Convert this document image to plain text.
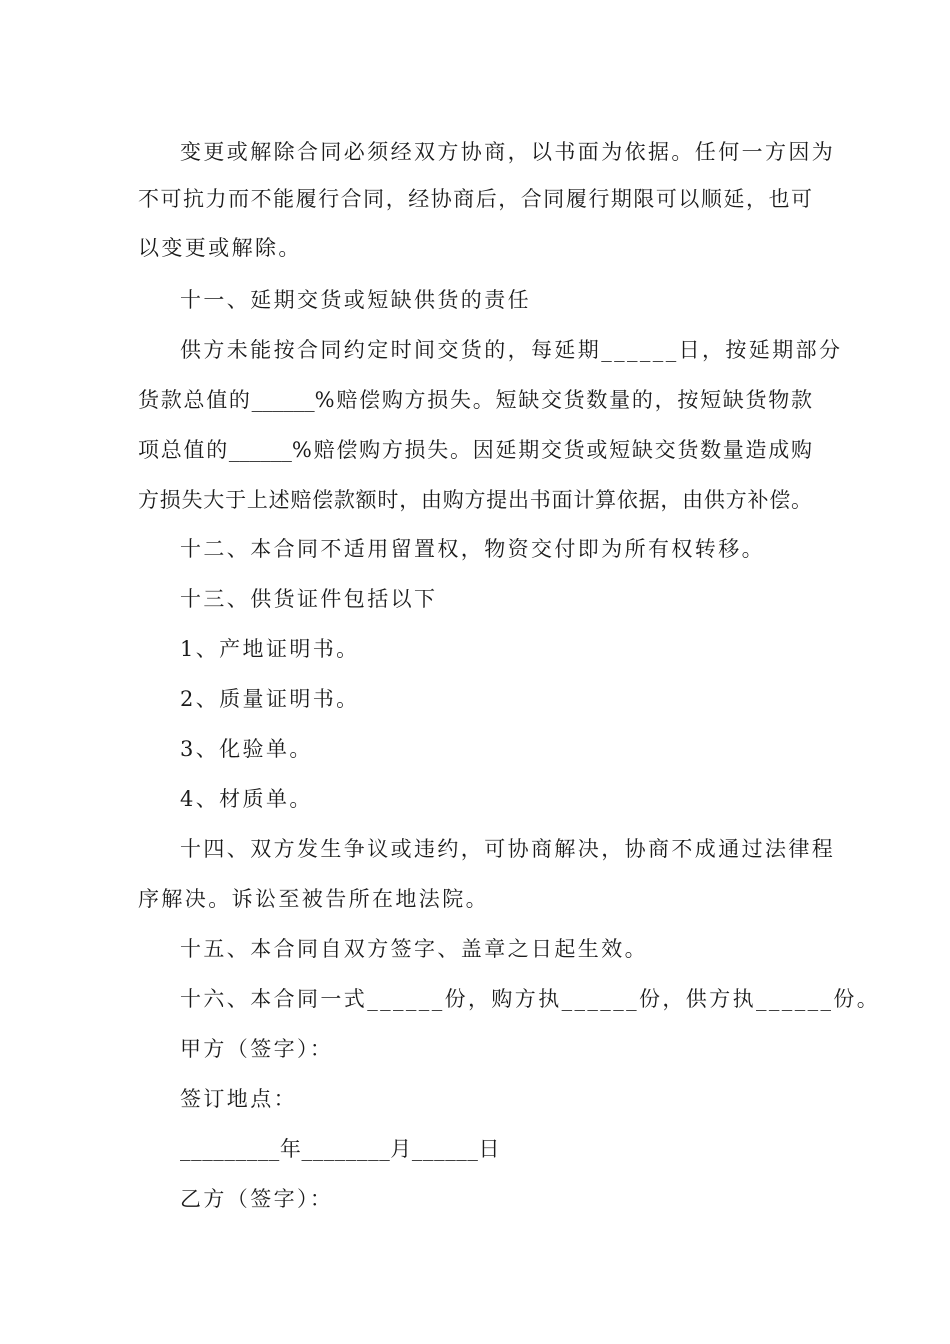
变更或解除合同必须经双方协商，以书面为依据。任何一方因为
不可抗力而不能履行合同，经协商后，合同履行期限可以顺延，也可
以变更或解除。
十一、延期交货或短缺供货的责任
供方未能按合同约定时间交货的，每延期______日，按延期部分
货款总值的______%赔偿购方损失。短缺交货数量的，按短缺货物款
项总值的______%赔偿购方损失。因延期交货或短缺交货数量造成购
方损失大于上述赔偿款额时，由购方提出书面计算依据，由供方补偿。
十二、本合同不适用留置权，物资交付即为所有权转移。
十三、供货证件包括以下
1、产地证明书。
2、质量证明书。
3、化验单。
4、材质单。
十四、双方发生争议或违约，可协商解决，协商不成通过法律程
序解决。诉讼至被告所在地法院。
十五、本合同自双方签字、盖章之日起生效。
十六、本合同一式______份，购方执______份，供方执______份。
甲方（签字）：
签订地点：
_________年________月______日
乙方（签字）：
